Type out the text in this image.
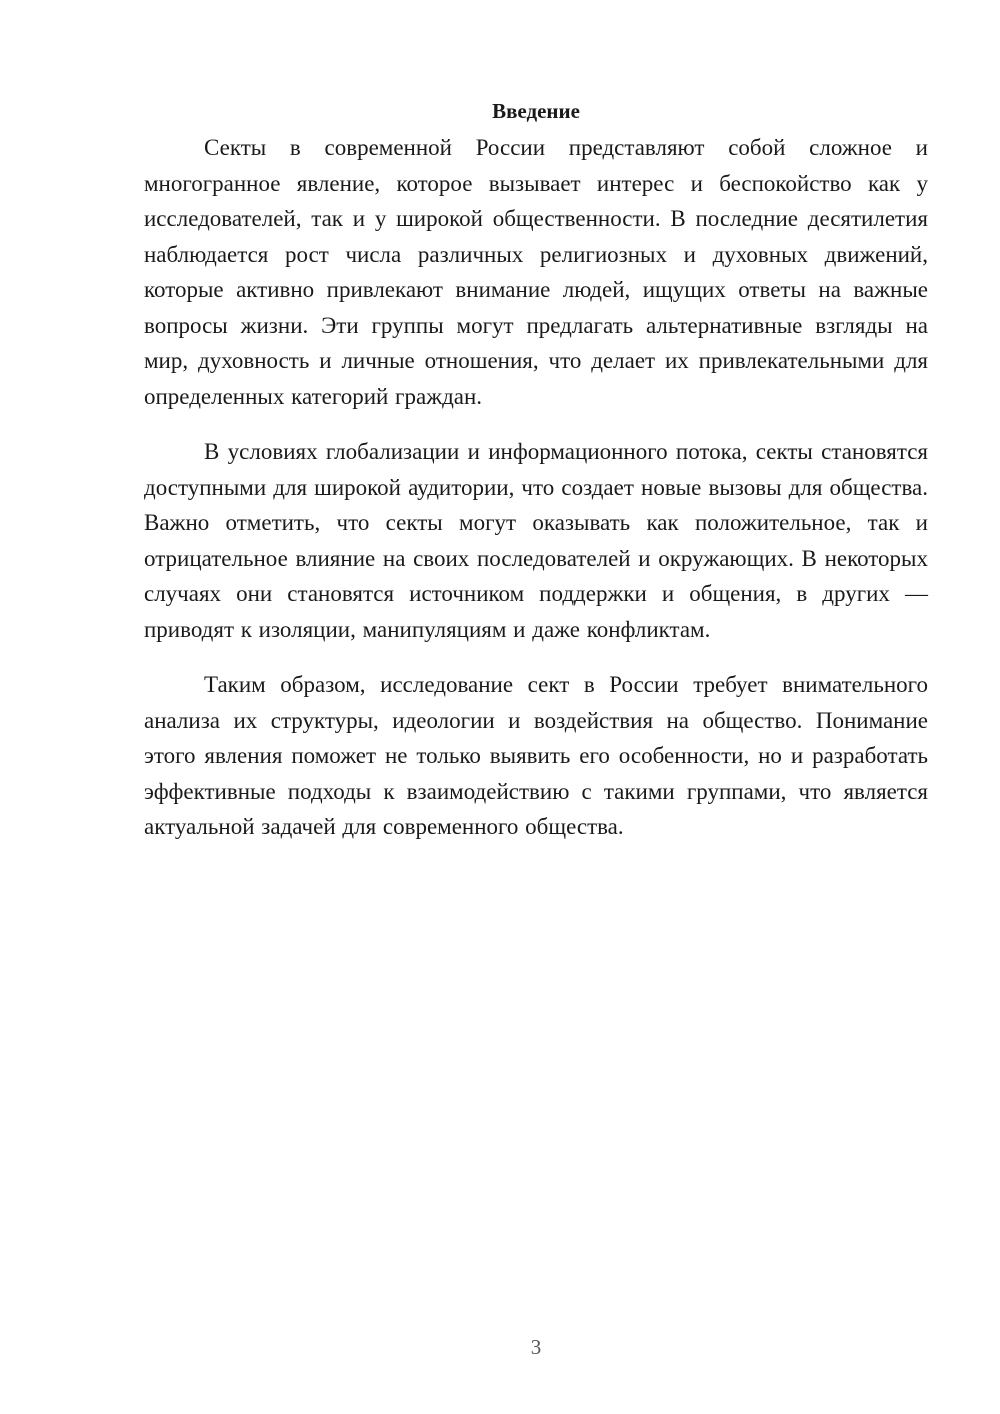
Введение

Секты в современной России представляют собой сложное и многогранное явление, которое вызывает интерес и беспокойство как у исследователей, так и у широкой общественности. В последние десятилетия наблюдается рост числа различных религиозных и духовных движений, которые активно привлекают внимание людей, ищущих ответы на важные вопросы жизни. Эти группы могут предлагать альтернативные взгляды на мир, духовность и личные отношения, что делает их привлекательными для определенных категорий граждан.

В условиях глобализации и информационного потока, секты становятся доступными для широкой аудитории, что создает новые вызовы для общества. Важно отметить, что секты могут оказывать как положительное, так и отрицательное влияние на своих последователей и окружающих. В некоторых случаях они становятся источником поддержки и общения, в других — приводят к изоляции, манипуляциям и даже конфликтам.

Таким образом, исследование сект в России требует внимательного анализа их структуры, идеологии и воздействия на общество. Понимание этого явления поможет не только выявить его особенности, но и разработать эффективные подходы к взаимодействию с такими группами, что является актуальной задачей для современного общества.

3
